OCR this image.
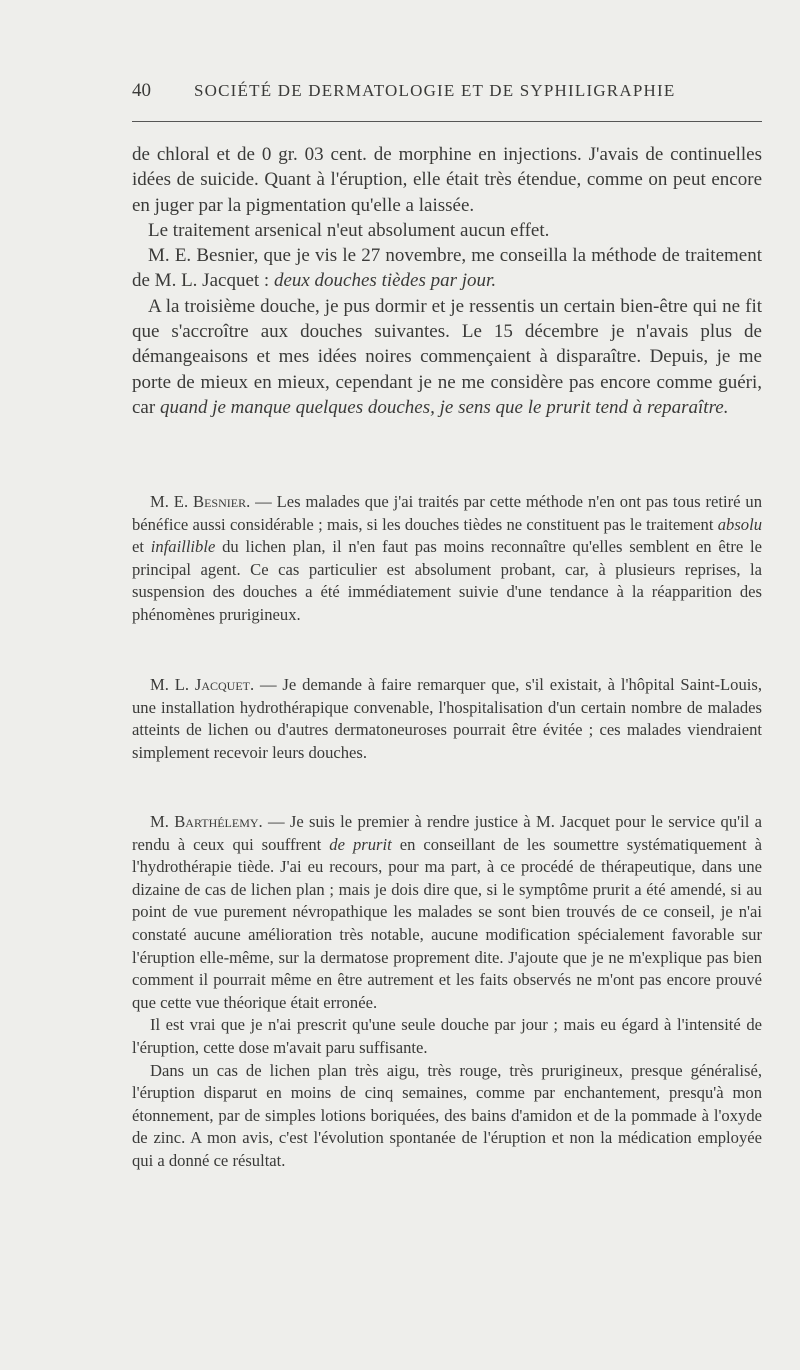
40	SOCIÉTÉ DE DERMATOLOGIE ET DE SYPHILIGRAPHIE

de chloral et de 0 gr. 03 cent. de morphine en injections. J'avais de continuelles idées de suicide. Quant à l'éruption, elle était très étendue, comme on peut encore en juger par la pigmentation qu'elle a laissée.

Le traitement arsenical n'eut absolument aucun effet.

M. E. Besnier, que je vis le 27 novembre, me conseilla la méthode de traitement de M. L. Jacquet : deux douches tièdes par jour.

A la troisième douche, je pus dormir et je ressentis un certain bien-être qui ne fit que s'accroître aux douches suivantes. Le 15 décembre je n'avais plus de démangeaisons et mes idées noires commençaient à disparaître. Depuis, je me porte de mieux en mieux, cependant je ne me considère pas encore comme guéri, car quand je manque quelques douches, je sens que le prurit tend à reparaître.

M. E. Besnier. — Les malades que j'ai traités par cette méthode n'en ont pas tous retiré un bénéfice aussi considérable ; mais, si les douches tièdes ne constituent pas le traitement absolu et infaillible du lichen plan, il n'en faut pas moins reconnaître qu'elles semblent en être le principal agent. Ce cas particulier est absolument probant, car, à plusieurs reprises, la suspension des douches a été immédiatement suivie d'une tendance à la réapparition des phénomènes prurigineux.

M. L. Jacquet. — Je demande à faire remarquer que, s'il existait, à l'hôpital Saint-Louis, une installation hydrothérapique convenable, l'hospitalisation d'un certain nombre de malades atteints de lichen ou d'autres dermatoneuroses pourrait être évitée ; ces malades viendraient simplement recevoir leurs douches.

M. Barthélemy. — Je suis le premier à rendre justice à M. Jacquet pour le service qu'il a rendu à ceux qui souffrent de prurit en conseillant de les soumettre systématiquement à l'hydrothérapie tiède. J'ai eu recours, pour ma part, à ce procédé de thérapeutique, dans une dizaine de cas de lichen plan ; mais je dois dire que, si le symptôme prurit a été amendé, si au point de vue purement névropathique les malades se sont bien trouvés de ce conseil, je n'ai constaté aucune amélioration très notable, aucune modification spécialement favorable sur l'éruption elle-même, sur la dermatose proprement dite. J'ajoute que je ne m'explique pas bien comment il pourrait même en être autrement et les faits observés ne m'ont pas encore prouvé que cette vue théorique était erronée.

Il est vrai que je n'ai prescrit qu'une seule douche par jour ; mais eu égard à l'intensité de l'éruption, cette dose m'avait paru suffisante.

Dans un cas de lichen plan très aigu, très rouge, très prurigineux, presque généralisé, l'éruption disparut en moins de cinq semaines, comme par enchantement, presqu'à mon étonnement, par de simples lotions boriquées, des bains d'amidon et de la pommade à l'oxyde de zinc. A mon avis, c'est l'évolution spontanée de l'éruption et non la médication employée qui a donné ce résultat.
